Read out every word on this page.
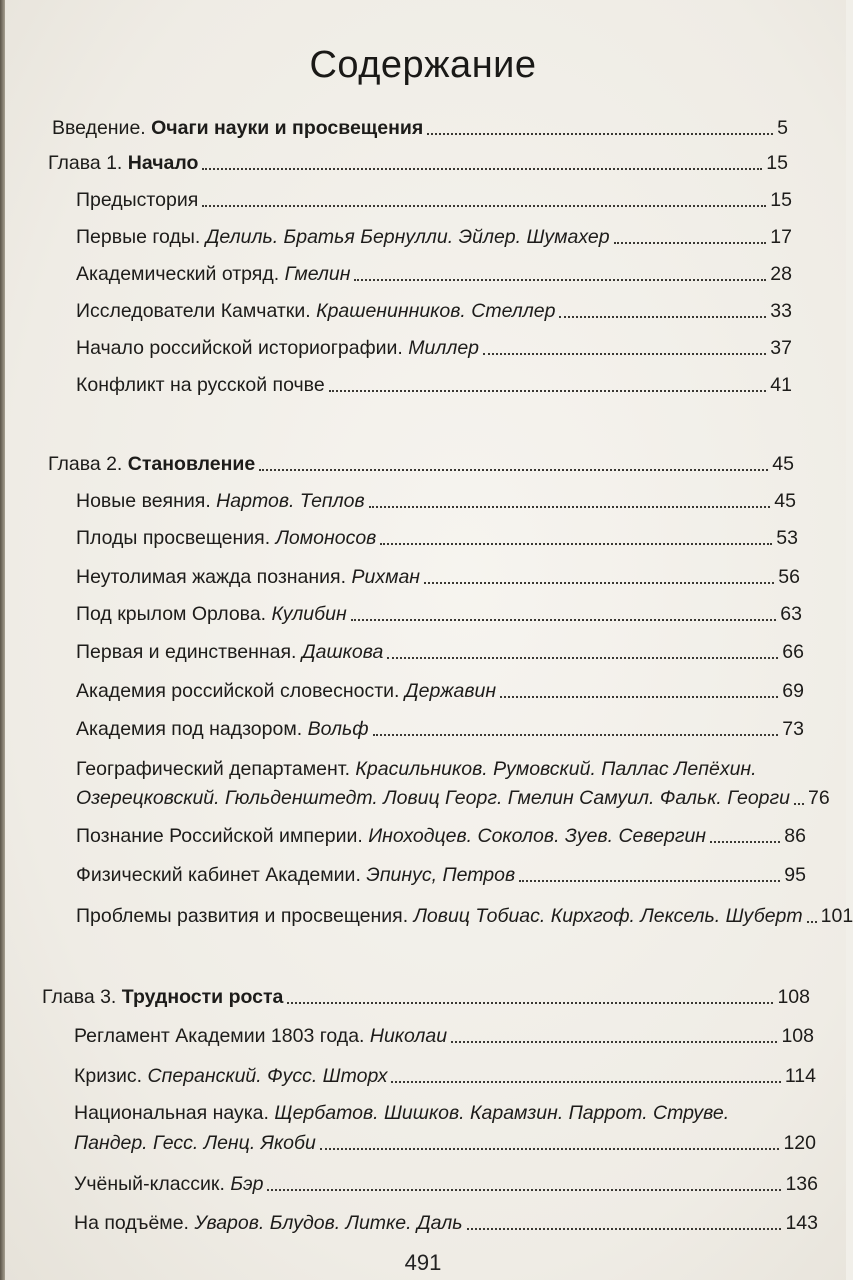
Содержание
Введение. Очаги науки и просвещения	5
Глава 1. Начало	15
Предыстория	15
Первые годы. Делиль. Братья Бернулли. Эйлер. Шумахер	17
Академический отряд. Гмелин	28
Исследователи Камчатки. Крашенинников. Стеллер	33
Начало российской историографии. Миллер	37
Конфликт на русской почве	41
Глава 2. Становление	45
Новые веяния. Нартов. Теплов	45
Плоды просвещения. Ломоносов	53
Неутолимая жажда познания. Рихман	56
Под крылом Орлова. Кулибин	63
Первая и единственная. Дашкова	66
Академия российской словесности. Державин	69
Академия под надзором. Вольф	73
Географический департамент. Красильников. Румовский. Паллас Лепёхин.
Озерецковский. Гюльденштедт. Ловиц Георг. Гмелин Самуил. Фальк. Георги 76
Познание Российской империи. Иноходцев. Соколов. Зуев. Севергин	86
Физический кабинет Академии. Эпинус, Петров	95
Проблемы развития и просвещения. Ловиц Тобиас. Кирхгоф. Лексель. Шуберт 101
Глава 3. Трудности роста	108
Регламент Академии 1803 года. Николаи	108
Кризис. Сперанский. Фусс. Шторх	114
Национальная наука. Щербатов. Шишков. Карамзин. Паррот. Струве.
Пандер. Гесс. Ленц. Якоби	120
Учёный-классик. Бэр	136
На подъёме. Уваров. Блудов. Литке. Даль	143
491
